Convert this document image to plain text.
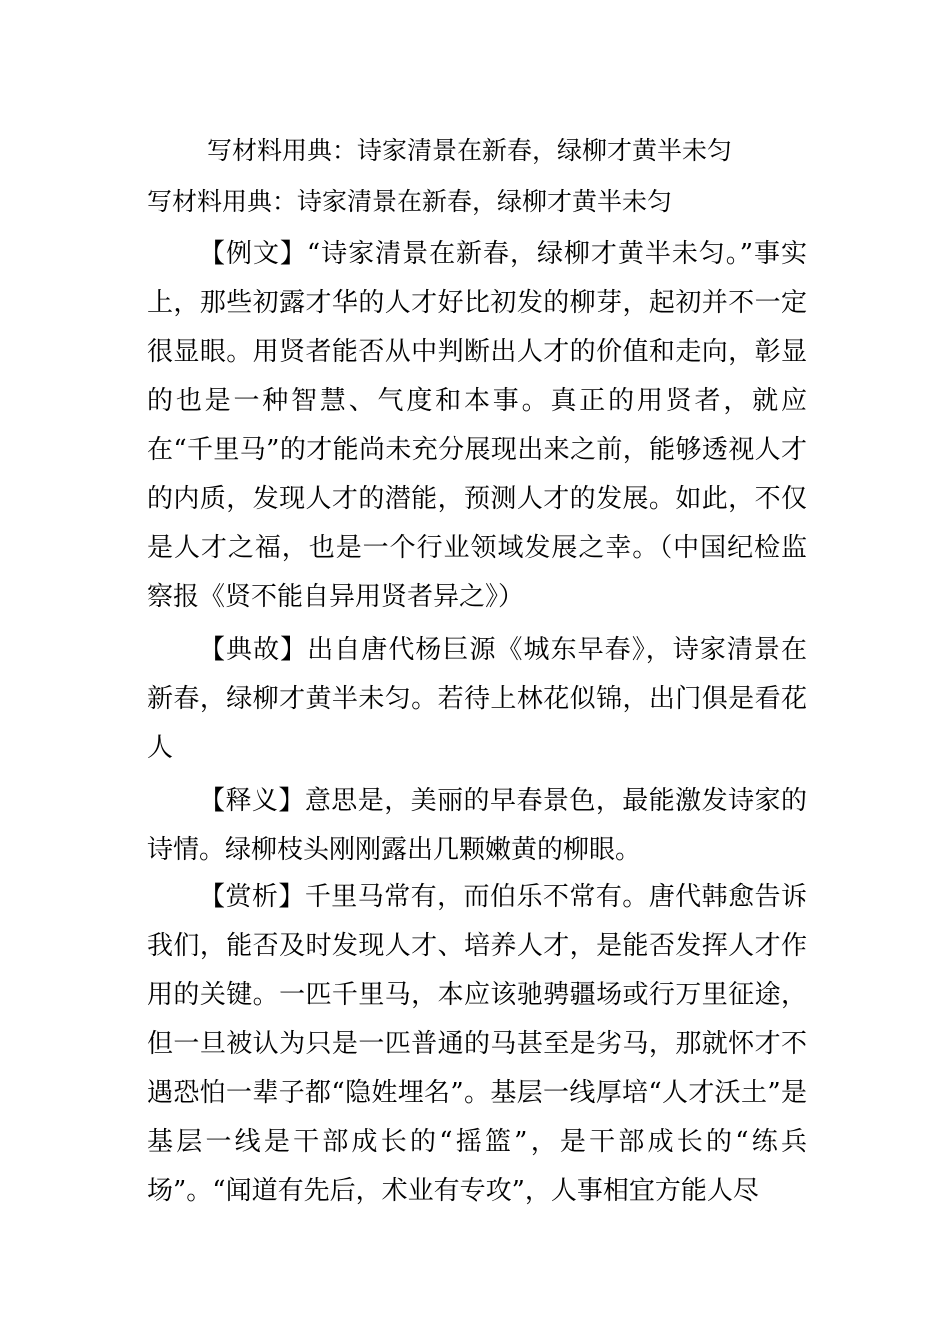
写材料用典：诗家清景在新春，绿柳才黄半未匀
写材料用典：诗家清景在新春，绿柳才黄半未匀

【例文】“诗家清景在新春，绿柳才黄半未匀。”事实上，那些初露才华的人才好比初发的柳芽，起初并不一定很显眼。用贤者能否从中判断出人才的价值和走向，彰显的也是一种智慧、气度和本事。真正的用贤者，就应在“千里马”的才能尚未充分展现出来之前，能够透视人才的内质，发现人才的潜能，预测人才的发展。如此，不仅是人才之福，也是一个行业领域发展之幸。（中国纪检监察报《贤不能自异用贤者异之》）

【典故】出自唐代杨巨源《城东早春》，诗家清景在新春，绿柳才黄半未匀。若待上林花似锦，出门俱是看花人

【释义】意思是，美丽的早春景色，最能激发诗家的诗情。绿柳枝头刚刚露出几颗嫩黄的柳眼。

【赏析】千里马常有，而伯乐不常有。唐代韩愈告诉我们，能否及时发现人才、培养人才，是能否发挥人才作用的关键。一匹千里马，本应该驰骋疆场或行万里征途，但一旦被认为只是一匹普通的马甚至是劣马，那就怀才不遇恐怕一辈子都“隐姓埋名”。基层一线厚培“人才沃土”是基层一线是干部成长的“摇篮”，是干部成长的“练兵场”。“闻道有先后，术业有专攻”，人事相宜方能人尽
